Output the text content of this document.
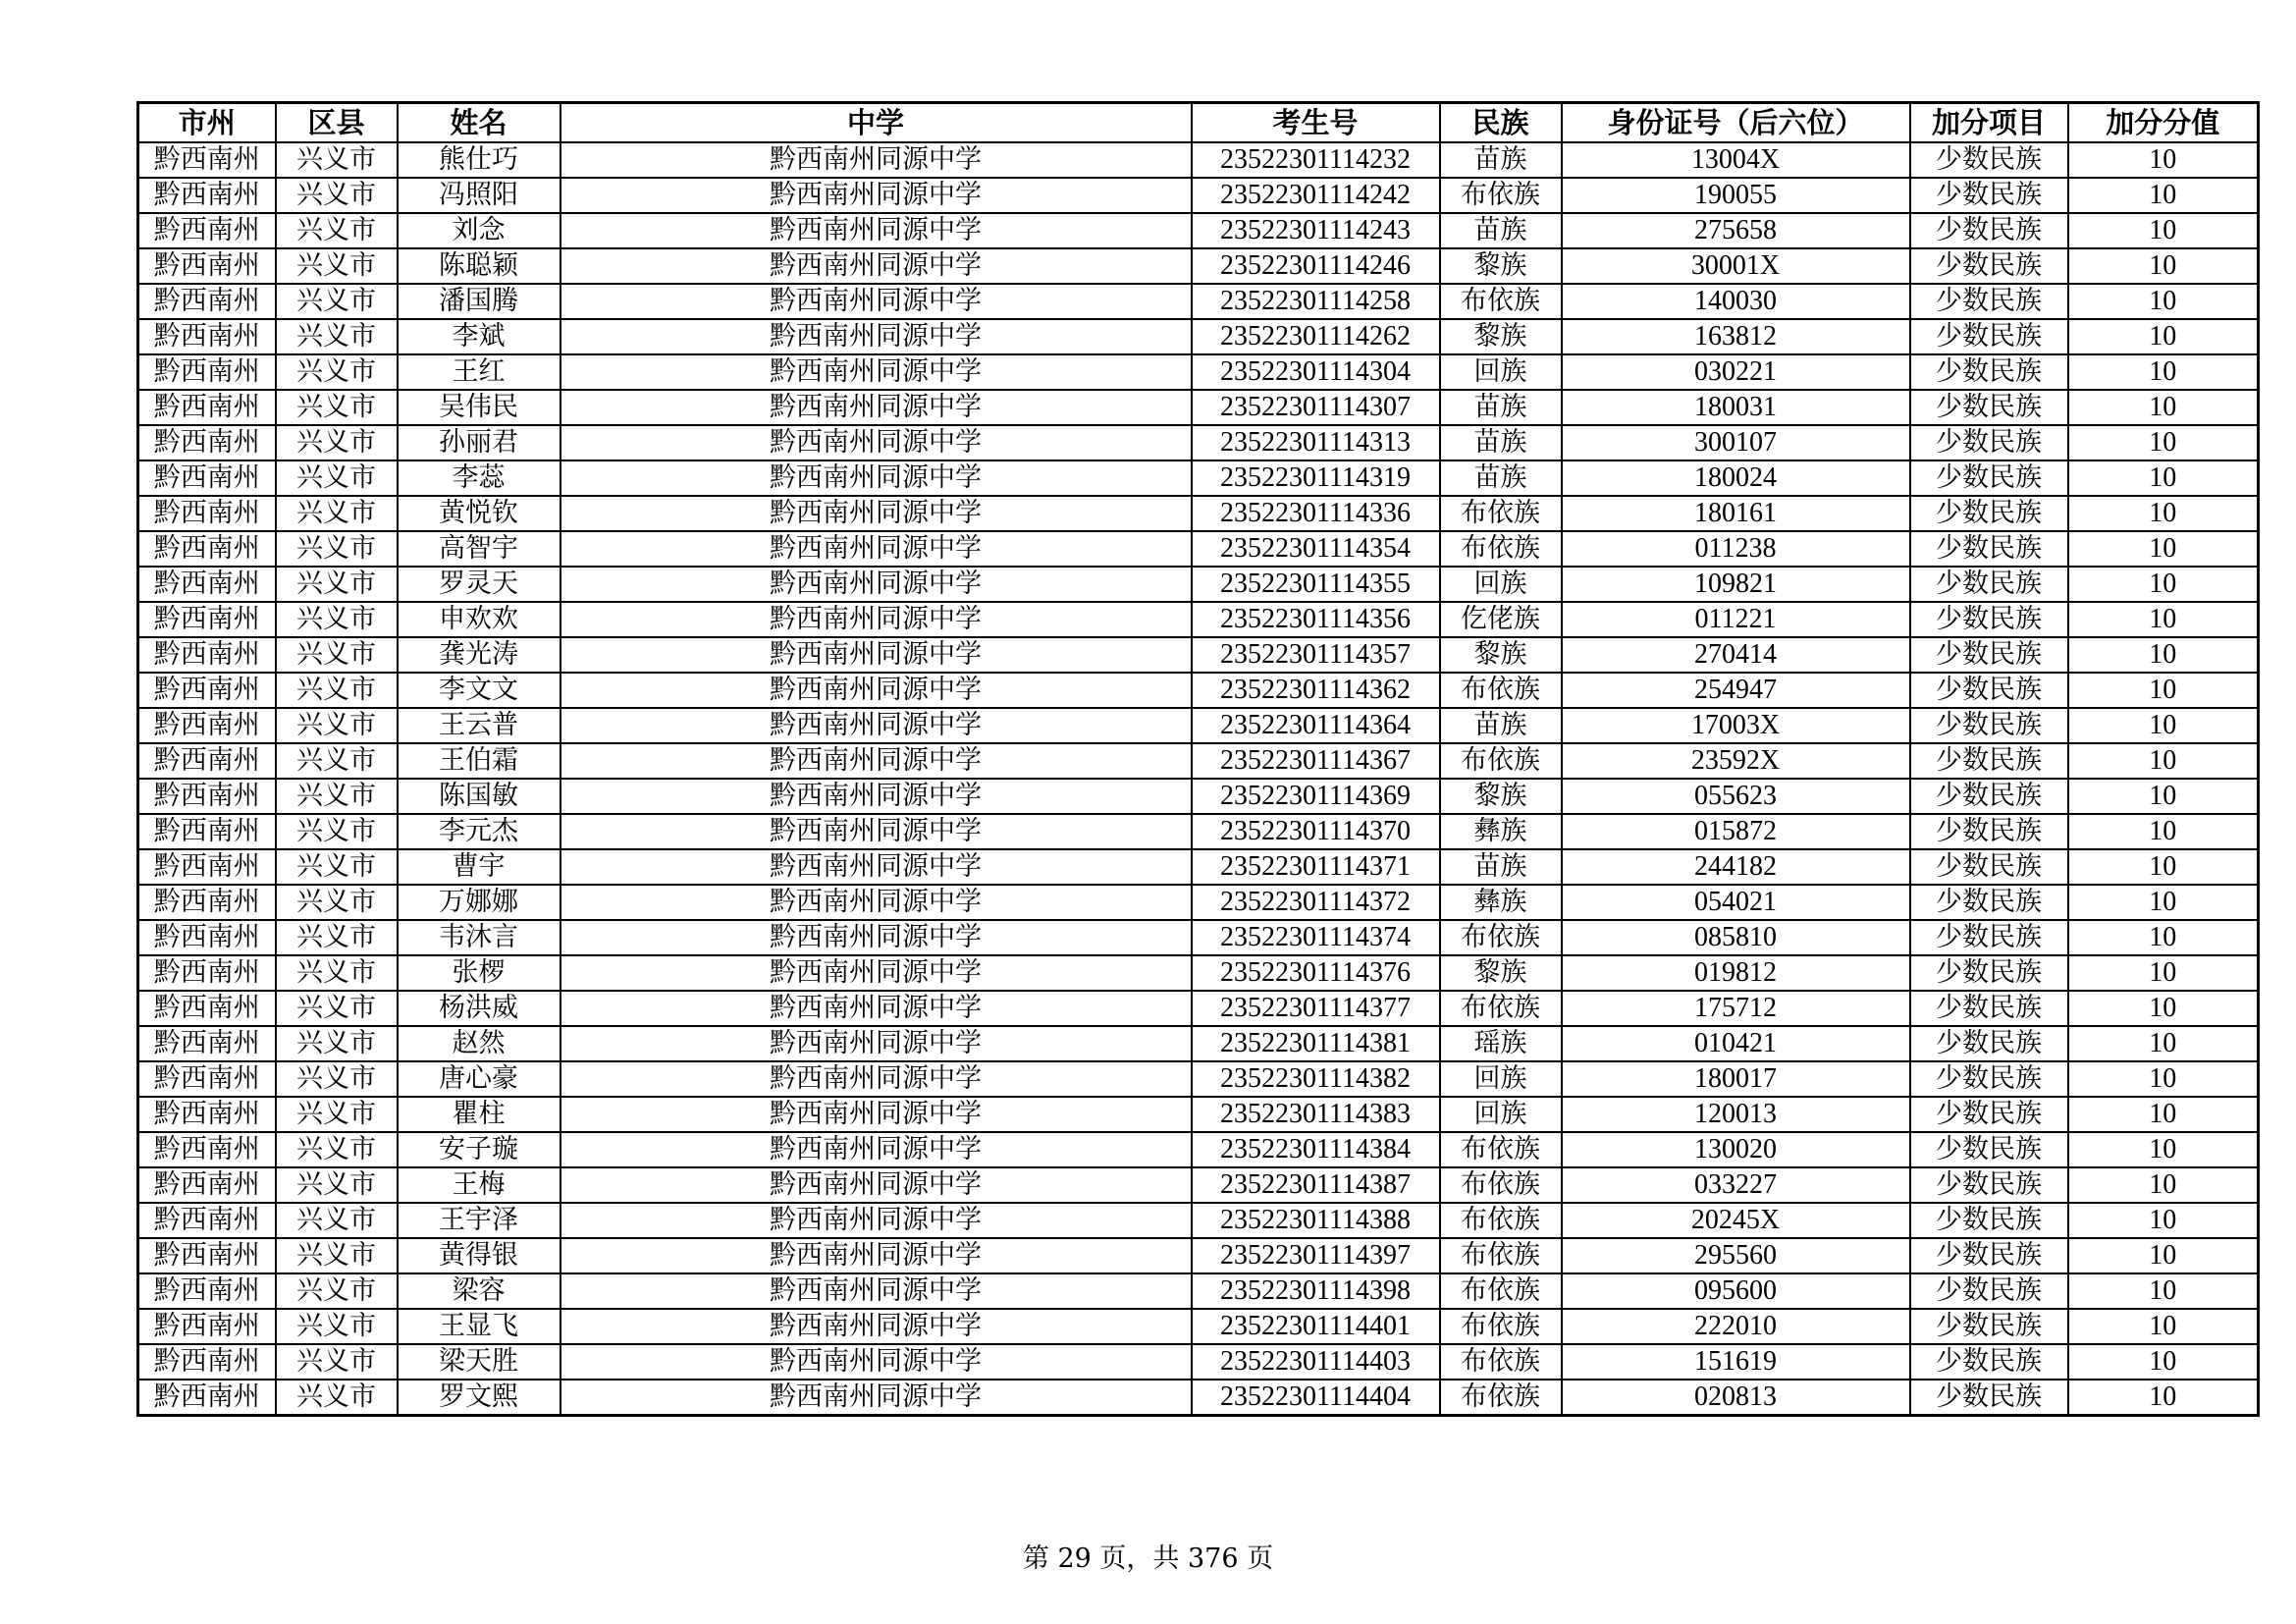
市州	区县	姓名	中学	考生号	民族	身份证号（后六位）	加分项目	加分分值
黔西南州	兴义市	熊仕巧	黔西南州同源中学	23522301114232	苗族	13004X	少数民族	10
黔西南州	兴义市	冯照阳	黔西南州同源中学	23522301114242	布依族	190055	少数民族	10
黔西南州	兴义市	刘念	黔西南州同源中学	23522301114243	苗族	275658	少数民族	10
黔西南州	兴义市	陈聪颖	黔西南州同源中学	23522301114246	黎族	30001X	少数民族	10
黔西南州	兴义市	潘国腾	黔西南州同源中学	23522301114258	布依族	140030	少数民族	10
黔西南州	兴义市	李斌	黔西南州同源中学	23522301114262	黎族	163812	少数民族	10
黔西南州	兴义市	王红	黔西南州同源中学	23522301114304	回族	030221	少数民族	10
黔西南州	兴义市	吴伟民	黔西南州同源中学	23522301114307	苗族	180031	少数民族	10
黔西南州	兴义市	孙丽君	黔西南州同源中学	23522301114313	苗族	300107	少数民族	10
黔西南州	兴义市	李蕊	黔西南州同源中学	23522301114319	苗族	180024	少数民族	10
黔西南州	兴义市	黄悦钦	黔西南州同源中学	23522301114336	布依族	180161	少数民族	10
黔西南州	兴义市	高智宇	黔西南州同源中学	23522301114354	布依族	011238	少数民族	10
黔西南州	兴义市	罗灵天	黔西南州同源中学	23522301114355	回族	109821	少数民族	10
黔西南州	兴义市	申欢欢	黔西南州同源中学	23522301114356	仡佬族	011221	少数民族	10
黔西南州	兴义市	龚光涛	黔西南州同源中学	23522301114357	黎族	270414	少数民族	10
黔西南州	兴义市	李文文	黔西南州同源中学	23522301114362	布依族	254947	少数民族	10
黔西南州	兴义市	王云普	黔西南州同源中学	23522301114364	苗族	17003X	少数民族	10
黔西南州	兴义市	王伯霜	黔西南州同源中学	23522301114367	布依族	23592X	少数民族	10
黔西南州	兴义市	陈国敏	黔西南州同源中学	23522301114369	黎族	055623	少数民族	10
黔西南州	兴义市	李元杰	黔西南州同源中学	23522301114370	彝族	015872	少数民族	10
黔西南州	兴义市	曹宇	黔西南州同源中学	23522301114371	苗族	244182	少数民族	10
黔西南州	兴义市	万娜娜	黔西南州同源中学	23522301114372	彝族	054021	少数民族	10
黔西南州	兴义市	韦沐言	黔西南州同源中学	23522301114374	布依族	085810	少数民族	10
黔西南州	兴义市	张椤	黔西南州同源中学	23522301114376	黎族	019812	少数民族	10
黔西南州	兴义市	杨洪威	黔西南州同源中学	23522301114377	布依族	175712	少数民族	10
黔西南州	兴义市	赵然	黔西南州同源中学	23522301114381	瑶族	010421	少数民族	10
黔西南州	兴义市	唐心豪	黔西南州同源中学	23522301114382	回族	180017	少数民族	10
黔西南州	兴义市	瞿柱	黔西南州同源中学	23522301114383	回族	120013	少数民族	10
黔西南州	兴义市	安子璇	黔西南州同源中学	23522301114384	布依族	130020	少数民族	10
黔西南州	兴义市	王梅	黔西南州同源中学	23522301114387	布依族	033227	少数民族	10
黔西南州	兴义市	王宇泽	黔西南州同源中学	23522301114388	布依族	20245X	少数民族	10
黔西南州	兴义市	黄得银	黔西南州同源中学	23522301114397	布依族	295560	少数民族	10
黔西南州	兴义市	梁容	黔西南州同源中学	23522301114398	布依族	095600	少数民族	10
黔西南州	兴义市	王显飞	黔西南州同源中学	23522301114401	布依族	222010	少数民族	10
黔西南州	兴义市	梁天胜	黔西南州同源中学	23522301114403	布依族	151619	少数民族	10
黔西南州	兴义市	罗文熙	黔西南州同源中学	23522301114404	布依族	020813	少数民族	10
第 29 页，共 376 页
